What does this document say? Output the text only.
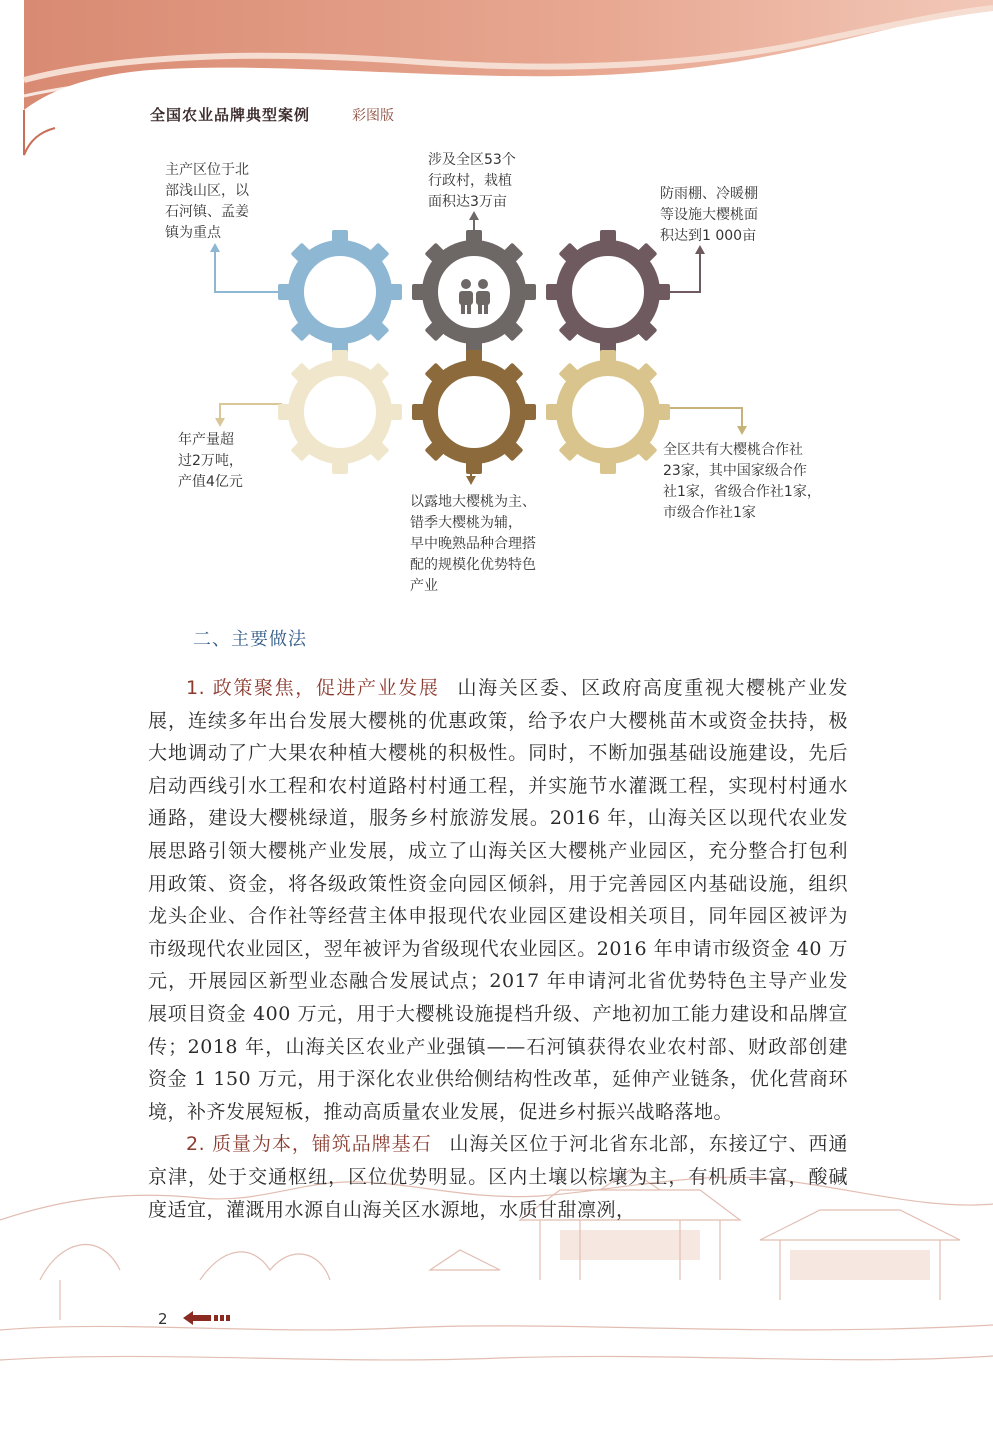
全国农业品牌典型案例	彩图版
主产区位于北
部浅山区，以
石河镇、孟姜
镇为重点
涉及全区53个
行政村，栽植
面积达3万亩	防雨棚、冷暖棚
等设施大樱桃面
积达到1 000亩
年产量超
过2万吨，
产值4亿元
以露地大樱桃为主、
错季大樱桃为辅，
早中晚熟品种合理搭
配的规模化优势特色
产业
全区共有大樱桃合作社
23家，其中国家级合作
社1家，省级合作社1家，
市级合作社1家
二、主要做法

1. 政策聚焦，促进产业发展 山海关区委、区政府高度重视大樱桃产业发展，连续多年出台发展大樱桃的优惠政策，给予农户大樱桃苗木或资金扶持，极大地调动了广大果农种植大樱桃的积极性。同时，不断加强基础设施建设，先后启动西线引水工程和农村道路村村通工程，并实施节水灌溉工程，实现村村通水通路，建设大樱桃绿道，服务乡村旅游发展。2016 年，山海关区以现代农业发展思路引领大樱桃产业发展，成立了山海关区大樱桃产业园区，充分整合打包利用政策、资金，将各级政策性资金向园区倾斜，用于完善园区内基础设施，组织龙头企业、合作社等经营主体申报现代农业园区建设相关项目，同年园区被评为市级现代农业园区，翌年被评为省级现代农业园区。2016 年申请市级资金 40 万元，开展园区新型业态融合发展试点；2017 年申请河北省优势特色主导产业发展项目资金 400 万元，用于大樱桃设施提档升级、产地初加工能力建设和品牌宣传；2018 年，山海关区农业产业强镇——石河镇获得农业农村部、财政部创建资金 1 150 万元，用于深化农业供给侧结构性改革，延伸产业链条，优化营商环境，补齐发展短板，推动高质量农业发展，促进乡村振兴战略落地。

2. 质量为本，铺筑品牌基石 山海关区位于河北省东北部，东接辽宁、西通京津，处于交通枢纽，区位优势明显。区内土壤以棕壤为主，有机质丰富，酸碱度适宜，灌溉用水源自山海关区水源地，水质甘甜凛冽，

2
